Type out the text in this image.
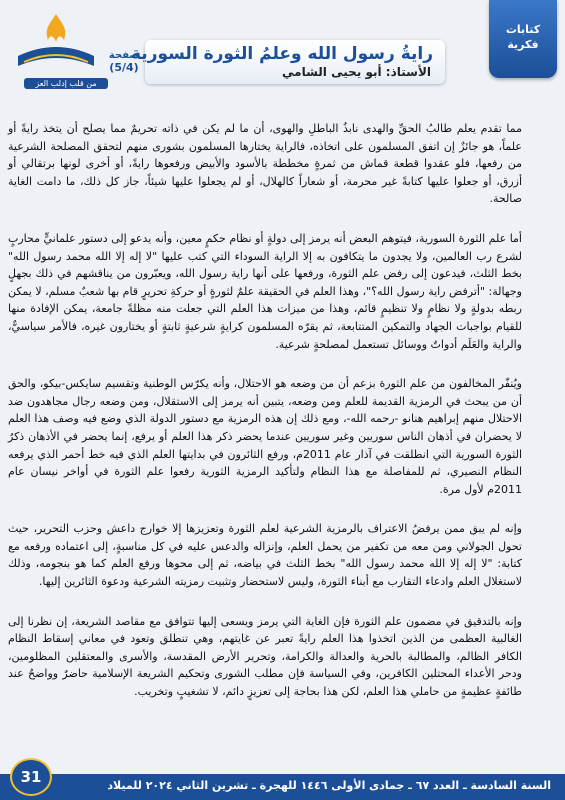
من قلب إدلب العز
صفحة
(5/4)
رايةُ رسول الله وعلمُ الثورة السورية
الأستاذ: أبو يحيى الشامي
كتابات
فكرية

مما تقدم يعلم طالبُ الحقِّ والهدى نابذُ الباطلِ والهوى، أن ما لم يكن في ذاته تحريمٌ مما يصلح أن يتخذ رايةً أو علماً، هو جائزٌ إن اتفق المسلمون على اتخاذه، فالراية يختارها المسلمون بشورى منهم لتحقق المصلحة الشرعية من رفعها، فلو عقدوا قطعة قماش من ثمرةٍ مخططة بالأسود والأبيض ورفعوها رايةً، أو أخرى لونها برتقالي أو أزرق، أو جعلوا عليها كتابةً غير محرمة، أو شعاراً كالهلال، أو لم يجعلوا عليها شيئاً، جاز كل ذلك، ما دامت الغاية صالحة.

أما علم الثورة السورية، فيتوهم البعض أنه يرمز إلى دولةٍ أو نظام حكمٍ معين، وأنه يدعو إلى دستور علمانيٍّ محاربٍ لشرع رب العالمين، ولا يجدون ما يتكافون به إلا الراية السوداء التي كتب عليها "لا إله إلا الله محمد رسول الله" بخط الثلث، فيدعون إلى رفض علم الثورة، ورفعها على أنها راية رسول الله، ويعبّرون من يناقشهم في ذلك بجهلٍ وجهالة: "أترفض راية رسول الله؟"، وهذا العلم في الحقيقة علمٌ لثورةٍ أو حركةِ تحريرٍ قام بها شعبٌ مسلم، لا يمكن ربطه بدولةٍ ولا نظامٍ ولا تنظيمٍ قائم، وهذا من ميزات هذا العلم التي جعلت منه مظلةً جامعة، يمكن الإفادة منها للقيام بواجبات الجهاد والتمكين المتتابعة، ثم يقرّه المسلمون كرايةٍ شرعيةٍ ثابتةٍ أو يختارون غيره، فالأمر سياسيٌّ، والراية والعَلَم أدواتٌ ووسائل تستعمل لمصلحةٍ شرعية.

ويُنفّر المخالفون من علم الثورة بزعم أن من وضعه هو الاحتلال، وأنه يكرّس الوطنية وتقسيم سايكس-بيكو، والحق أن من يبحث في الرمزية القديمة للعلم ومن وضعه، يتبين أنه يرمز إلى الاستقلال، ومن وضعه رجال مجاهدون ضد الاحتلال منهم إبراهيم هنانو -رحمه الله-، ومع ذلك إن هذه الرمزية مع دستور الدولة الذي وضع فيه وصف هذا العلم لا يحضران في أذهان الناس سوريين وغير سوريين عندما يحضر ذكر هذا العلم أو يرفع، إنما يحضر في الأذهان ذكرُ الثورة السورية التي انطلقت في آذار عام 2011م، ورفع الثائرون في بدايتها العلم الذي فيه خط أحمر الذي يرفعه النظام النصيري، ثم للمفاصلة مع هذا النظام ولتأكيد الرمزية الثورية رفعوا علم الثورة في أواخر نيسان عام 2011م لأول مرة.

وإنه لم يبق ممن يرفضُ الاعتراف بالرمزية الشرعية لعلم الثورة وتعزيزها إلا خوارج داعش وحزب التحرير، حيث تحول الجولاني ومن معه من تكفير من يحمل العلم، وإنزاله والدعس عليه في كل مناسبةٍ، إلى اعتماده ورفعه مع كتابة: "لا إله إلا الله محمد رسول الله" بخط الثلث في بياضه، ثم إلى محوها ورفع العلم كما هو بنجومه، وذلك لاستغلال العلم وادعاء التقارب مع أبناء الثورة، وليس لاستحضار وتثبيت رمزيته الشرعية ودعوة الثائرين إليها.

وإنه بالتدقيق في مضمون علم الثورة فإن الغاية التي يرمز ويسعى إليها تتوافق مع مقاصد الشريعة، إن نظرنا إلى الغالبية العظمى من الذين اتخذوا هذا العلم رايةً تعبر عن غايتهم، وهي تنطلق وتعود في معاني إسقاط النظام الكافر الظالم، والمطالبة بالحرية والعدالة والكرامة، وتحرير الأرض المقدسة، والأسرى والمعتقلين المظلومين، ودحر الأعداء المحتلين الكافرين، وفي السياسة فإن مطلب الشورى وتحكيم الشريعة الإسلامية حاضرٌ وواضحٌ عند طائفةٍ عظيمةٍ من حاملي هذا العلم، لكن هذا بحاجة إلى تعزيزٍ دائم، لا تشغيبٍ وتخريب.

السنة السادسة ـ العدد ٦٧ ـ جمادى الأولى ١٤٤٦ للهجرة ـ تشرين الثاني ٢٠٢٤ للميلاد
31
